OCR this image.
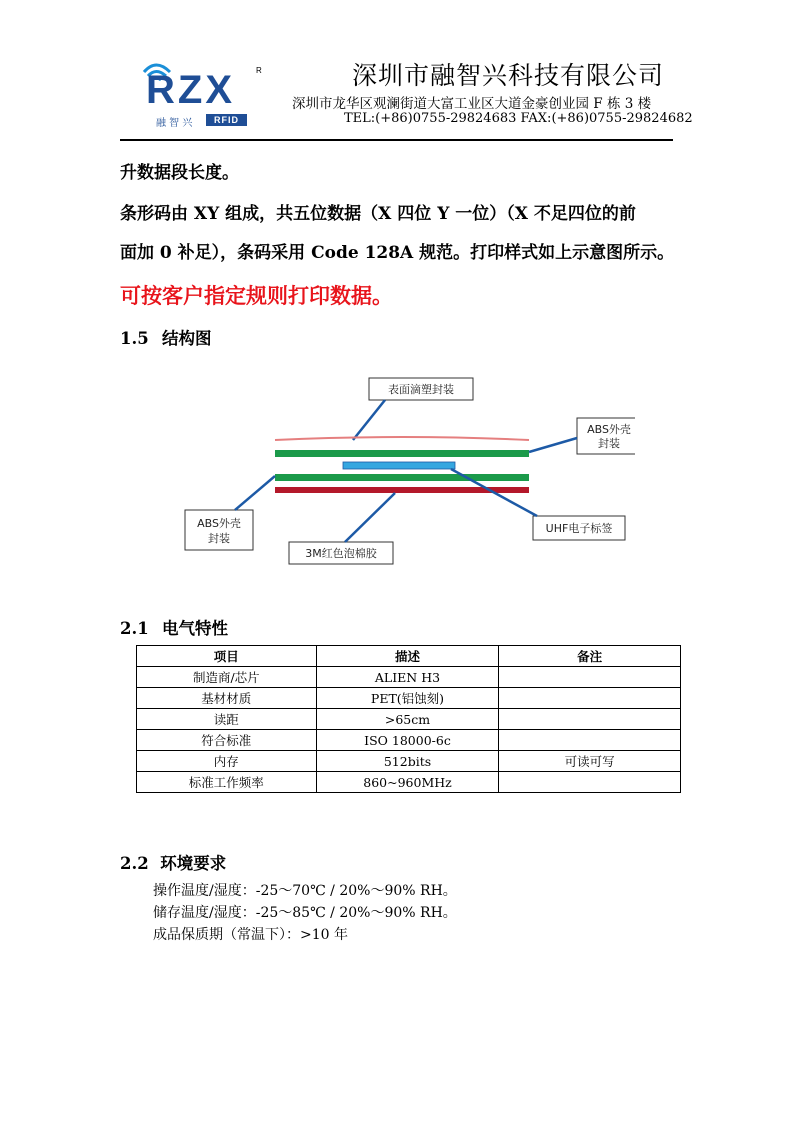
RZX	R
融 智 兴	RFID
深圳市融智兴科技有限公司
深圳市龙华区观澜街道大富工业区大道金豪创业园 F 栋 3 楼
TEL:(+86)0755-29824683 FAX:(+86)0755-29824682
升数据段长度。
条形码由 XY 组成，共五位数据（X 四位 Y 一位）（X 不足四位的前
面加 0 补足），条码采用 Code 128A 规范。打印样式如上示意图所示。
可按客户指定规则打印数据。
1.5 结构图
表面滴塑封装
ABS外壳
封装
ABS外壳
封装
UHF电子标签
3M红色泡棉胶
2.1 电气特性
项目	描述	备注
制造商/芯片	ALIEN H3	
基材材质	PET(铝蚀刻)	
读距	>65cm	
符合标准	ISO 18000-6c	
内存	512bits	可读可写
标准工作频率	860~960MHz	
2.2 环境要求
操作温度/湿度：-25～70℃ / 20%～90% RH。
储存温度/湿度：-25～85℃ / 20%～90% RH。
成品保质期（常温下）：>10 年
